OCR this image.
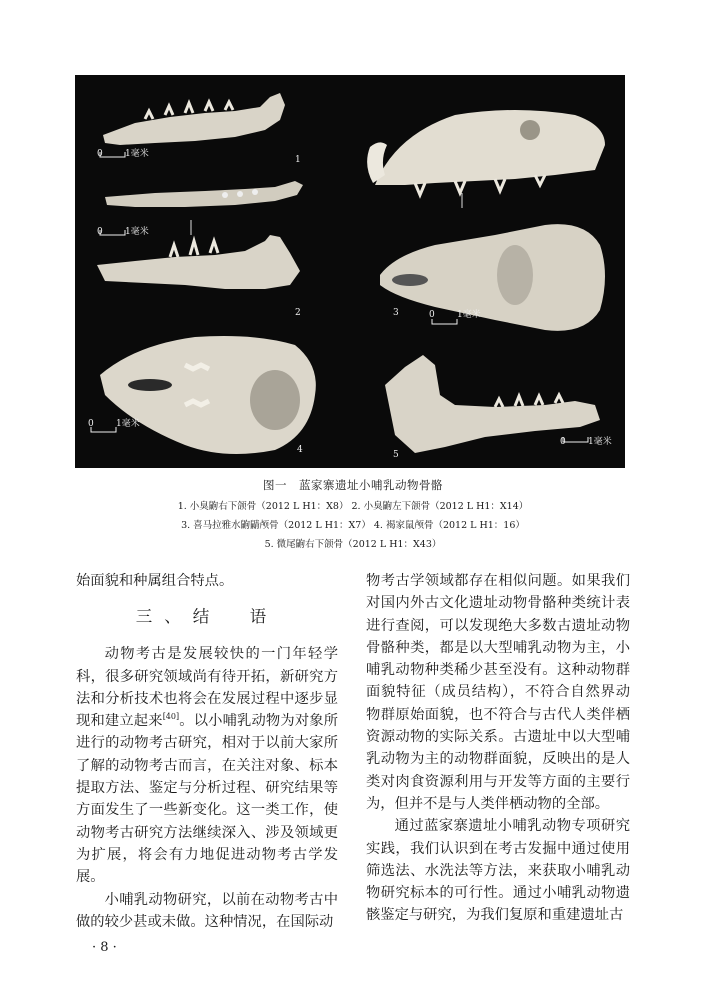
0 1毫米
0 1毫米
0 1毫米
0 1毫米
0 1毫米
1
2	3
4	5
图一　蓝家寨遗址小哺乳动物骨骼
1. 小臭鼩右下颌骨（2012 L H1：X8） 2. 小臭鼩左下颌骨（2012 L H1：X14）
3. 喜马拉雅水鼩鼱颅骨（2012 L H1：X7） 4. 褐家鼠颅骨（2012 L H1：16）
5. 微尾鼩右下颌骨（2012 L H1：X43）

始面貌和种属组合特点。

三、结　语

动物考古是发展较快的一门年轻学科，很多研究领域尚有待开拓，新研究方法和分析技术也将会在发展过程中逐步显现和建立起来[40]。以小哺乳动物为对象所进行的动物考古研究，相对于以前大家所了解的动物考古而言，在关注对象、标本提取方法、鉴定与分析过程、研究结果等方面发生了一些新变化。这一类工作，使动物考古研究方法继续深入、涉及领域更为扩展，将会有力地促进动物考古学发展。

小哺乳动物研究，以前在动物考古中做的较少甚或未做。这种情况，在国际动

物考古学领域都存在相似问题。如果我们对国内外古文化遗址动物骨骼种类统计表进行查阅，可以发现绝大多数古遗址动物骨骼种类，都是以大型哺乳动物为主，小哺乳动物种类稀少甚至没有。这种动物群面貌特征（成员结构），不符合自然界动物群原始面貌，也不符合与古代人类伴栖资源动物的实际关系。古遗址中以大型哺乳动物为主的动物群面貌，反映出的是人类对肉食资源利用与开发等方面的主要行为，但并不是与人类伴栖动物的全部。

通过蓝家寨遗址小哺乳动物专项研究实践，我们认识到在考古发掘中通过使用筛选法、水洗法等方法，来获取小哺乳动物研究标本的可行性。通过小哺乳动物遗骸鉴定与研究，为我们复原和重建遗址古

· 8 ·
